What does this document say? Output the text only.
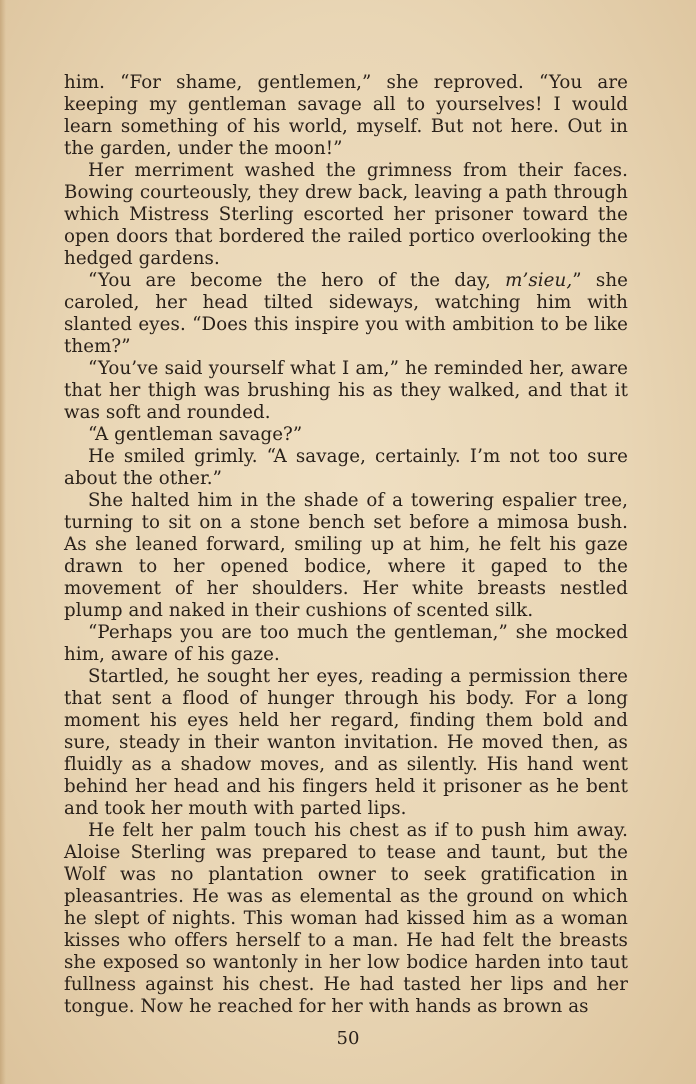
him. “For shame, gentlemen,” she reproved. “You are keeping my gentleman savage all to yourselves! I would learn something of his world, myself. But not here. Out in the garden, under the moon!”

Her merriment washed the grimness from their faces. Bowing courteously, they drew back, leaving a path through which Mistress Sterling escorted her prisoner toward the open doors that bordered the railed portico overlooking the hedged gardens.

“You are become the hero of the day, m’sieu,” she caroled, her head tilted sideways, watching him with slanted eyes. “Does this inspire you with ambition to be like them?”

“You’ve said yourself what I am,” he reminded her, aware that her thigh was brushing his as they walked, and that it was soft and rounded.

“A gentleman savage?”

He smiled grimly. “A savage, certainly. I’m not too sure about the other.”

She halted him in the shade of a towering espalier tree, turning to sit on a stone bench set before a mimosa bush. As she leaned forward, smiling up at him, he felt his gaze drawn to her opened bodice, where it gaped to the movement of her shoulders. Her white breasts nestled plump and naked in their cushions of scented silk.

“Perhaps you are too much the gentleman,” she mocked him, aware of his gaze.

Startled, he sought her eyes, reading a permission there that sent a flood of hunger through his body. For a long moment his eyes held her regard, finding them bold and sure, steady in their wanton invitation. He moved then, as fluidly as a shadow moves, and as silently. His hand went behind her head and his fingers held it prisoner as he bent and took her mouth with parted lips.

He felt her palm touch his chest as if to push him away. Aloise Sterling was prepared to tease and taunt, but the Wolf was no plantation owner to seek gratification in pleasantries. He was as elemental as the ground on which he slept of nights. This woman had kissed him as a woman kisses who offers herself to a man. He had felt the breasts she exposed so wantonly in her low bodice harden into taut fullness against his chest. He had tasted her lips and her tongue. Now he reached for her with hands as brown as

50
